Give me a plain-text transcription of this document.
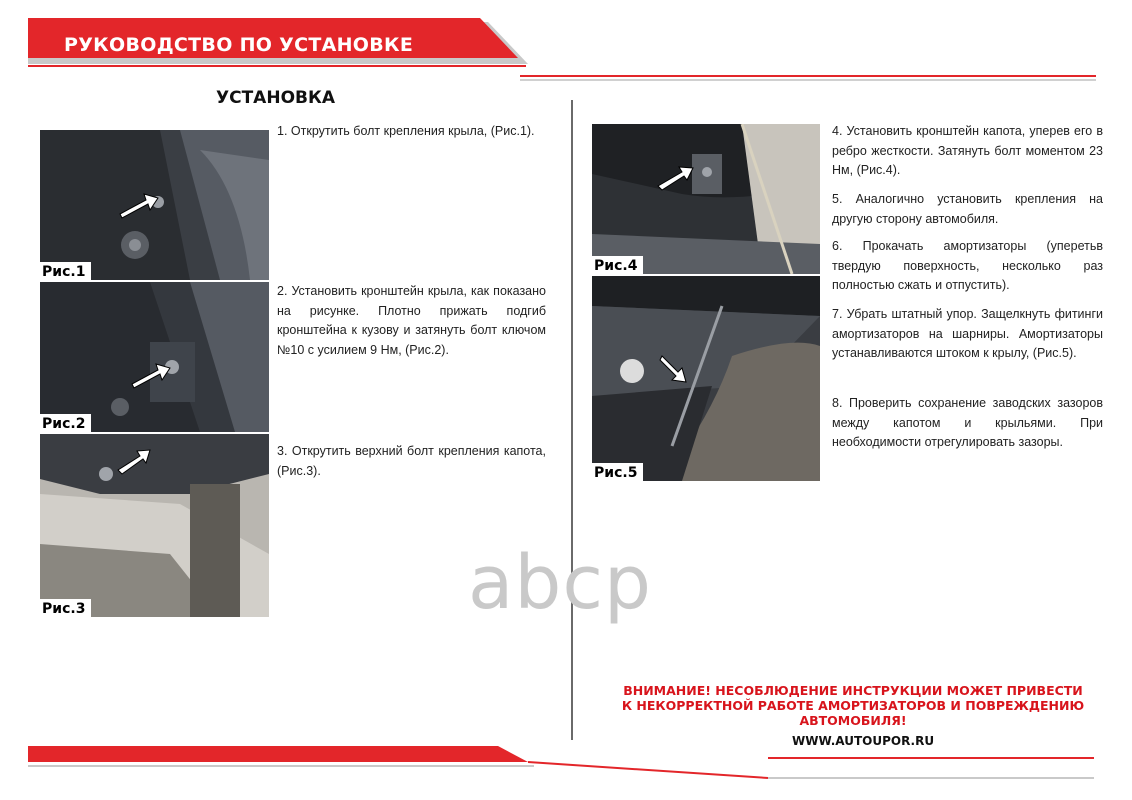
РУКОВОДСТВО ПО УСТАНОВКЕ
УСТАНОВКА
Рис.1
Рис.2
Рис.3
Рис.4
Рис.5
1. Открутить болт крепления крыла, (Рис.1).
2. Установить кронштейн крыла, как показано на рисунке. Плотно прижать подгиб кронштейна к кузову и затянуть болт ключом №10 с усилием 9 Нм, (Рис.2).
3. Открутить верхний болт крепления капота, (Рис.3).
4. Установить кронштейн капота, уперев его в ребро жесткости. Затянуть болт моментом 23 Нм, (Рис.4).
5. Аналогично установить крепления на другую сторону автомобиля.
6. Прокачать амортизаторы (уперетьв твердую поверхность, несколько раз полностью сжать и отпустить).
7. Убрать штатный упор. Защелкнуть фитинги амортизаторов на шарниры. Амортизаторы устанавливаются штоком к крылу, (Рис.5).
8. Проверить сохранение заводских зазоров между капотом и крыльями. При необходимости отрегулировать зазоры.
abcp
ВНИМАНИЕ! НЕСОБЛЮДЕНИЕ ИНСТРУКЦИИ МОЖЕТ ПРИВЕСТИ К НЕКОРРЕКТНОЙ РАБОТЕ АМОРТИЗАТОРОВ И ПОВРЕЖДЕНИЮ АВТОМОБИЛЯ!
WWW.AUTOUPOR.RU
